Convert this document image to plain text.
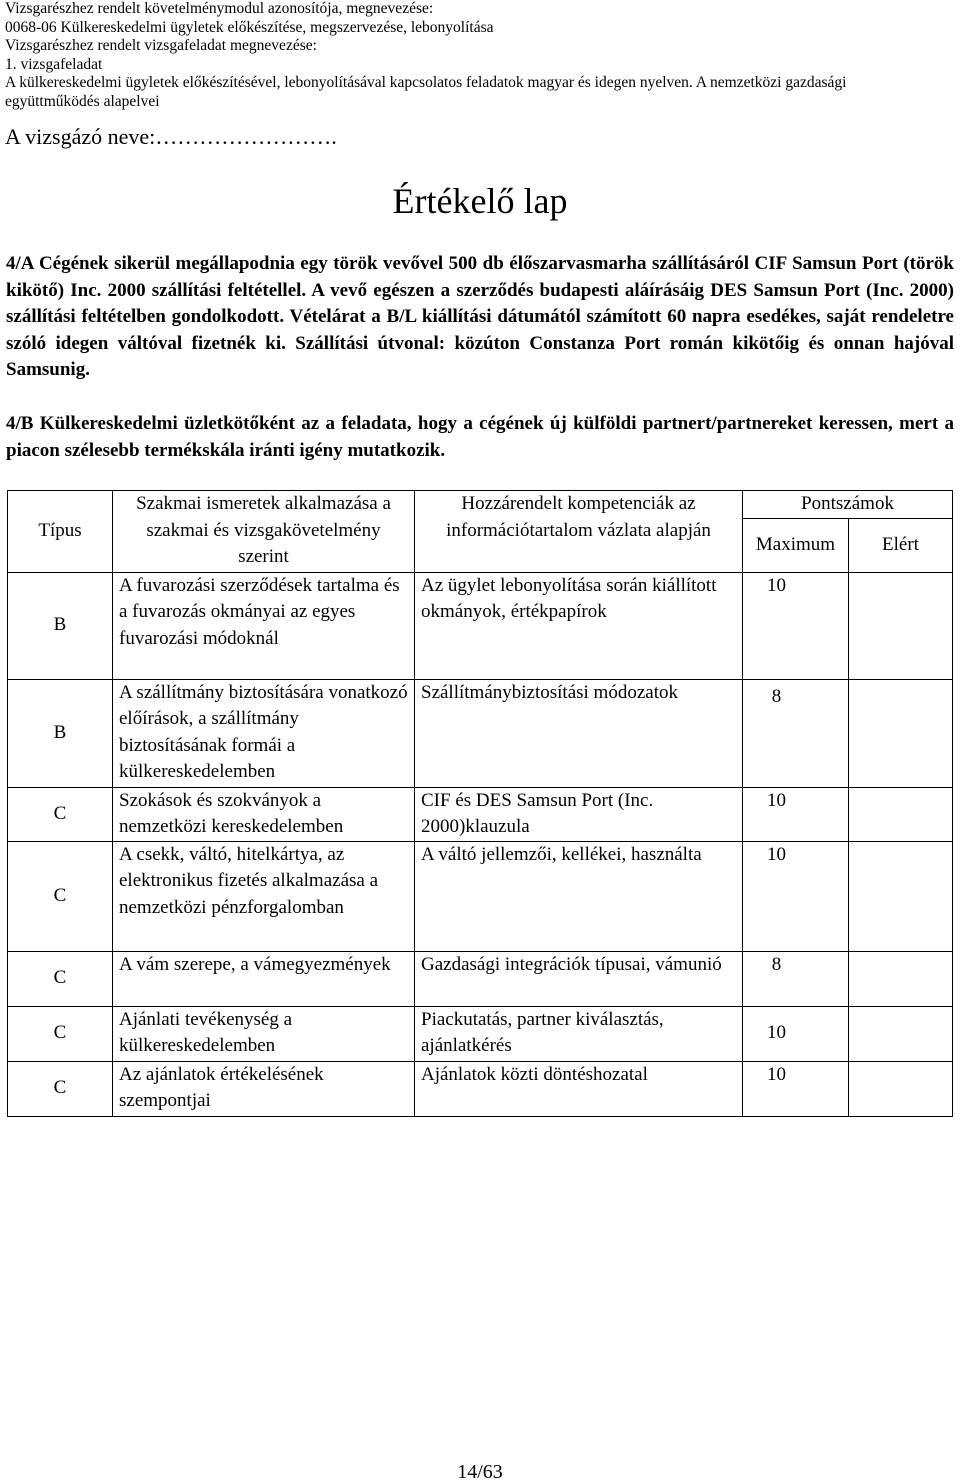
Vizsgarészhez rendelt követelménymodul azonosítója, megnevezése:
0068-06 Külkereskedelmi ügyletek előkészítése, megszervezése, lebonyolítása
Vizsgarészhez rendelt vizsgafeladat megnevezése:
1. vizsgafeladat
A külkereskedelmi ügyletek előkészítésével, lebonyolításával kapcsolatos feladatok magyar és idegen nyelven. A nemzetközi gazdasági
együttműködés alapelvei
A vizsgázó neve:…………………….
Értékelő lap
4/A Cégének sikerül megállapodnia egy török vevővel 500 db élőszarvasmarha szállításáról CIF Samsun Port (török kikötő) Inc. 2000 szállítási feltétellel. A vevő egészen a szerződés budapesti aláírásáig DES Samsun Port (Inc. 2000) szállítási feltételben gondolkodott. Vételárat a B/L kiállítási dátumától számított 60 napra esedékes, saját rendeletre szóló idegen váltóval fizetnék ki. Szállítási útvonal: közúton Constanza Port román kikötőig és onnan hajóval Samsunig.
4/B Külkereskedelmi üzletkötőként az a feladata, hogy a cégének új külföldi partnert/partnereket keressen, mert a piacon szélesebb termékskála iránti igény mutatkozik.
Típus	Szakmai ismeretek alkalmazása a szakmai és vizsgakövetelmény szerint	Hozzárendelt kompetenciák az információtartalom vázlata alapján	Pontszámok	
			Maximum	Elért
B	A fuvarozási szerződések tartalma és a fuvarozás okmányai az egyes fuvarozási módoknál	Az ügylet lebonyolítása során kiállított okmányok, értékpapírok	10	
B	A szállítmány biztosítására vonatkozó előírások, a szállítmány biztosításának formái a külkereskedelemben	Szállítmánybiztosítási módozatok	8	
C	Szokások és szokványok a nemzetközi kereskedelemben	CIF és DES Samsun Port (Inc. 2000)klauzula	10	
C	A csekk, váltó, hitelkártya, az elektronikus fizetés alkalmazása a nemzetközi pénzforgalomban	A váltó jellemzői, kellékei, használta	10	
C	A vám szerepe, a vámegyezmények	Gazdasági integrációk típusai, vámunió	8	
C	Ajánlati tevékenység a külkereskedelemben	Piackutatás, partner kiválasztás, ajánlatkérés	10	
C	Az ajánlatok értékelésének szempontjai	Ajánlatok közti döntéshozatal	10	
14/63
